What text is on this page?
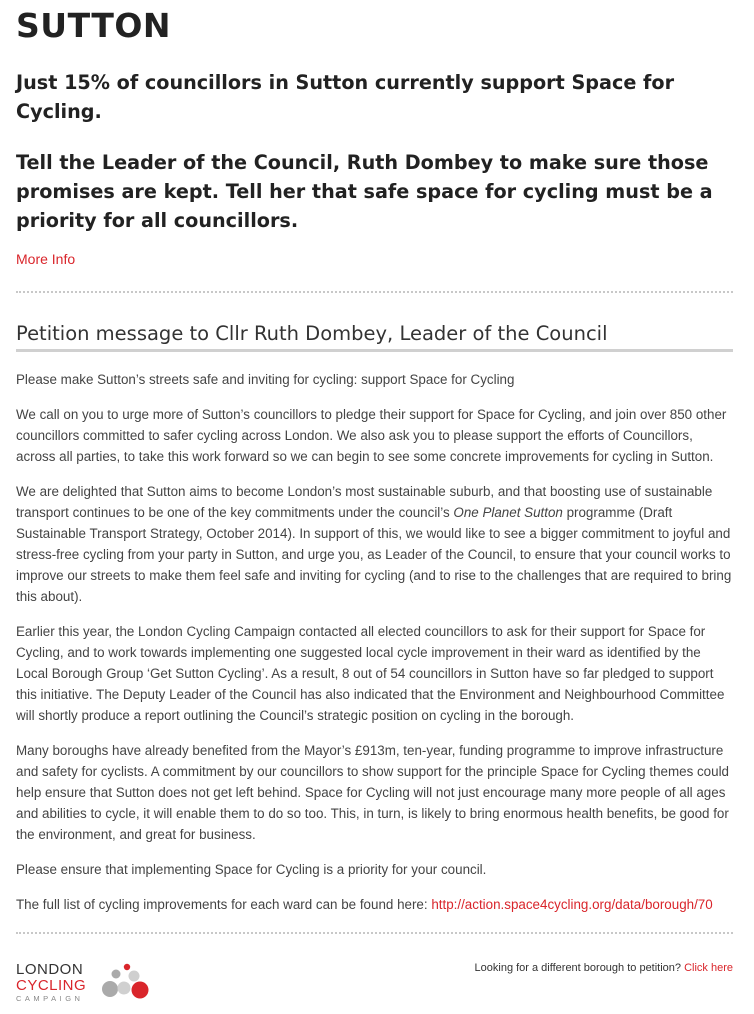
SUTTON

Just 15% of councillors in Sutton currently support Space for Cycling.

Tell the Leader of the Council, Ruth Dombey to make sure those promises are kept. Tell her that safe space for cycling must be a priority for all councillors.

More Info
Petition message to Cllr Ruth Dombey, Leader of the Council

Please make Sutton’s streets safe and inviting for cycling: support Space for Cycling

We call on you to urge more of Sutton’s councillors to pledge their support for Space for Cycling, and join over 850 other councillors committed to safer cycling across London. We also ask you to please support the efforts of Councillors, across all parties, to take this work forward so we can begin to see some concrete improvements for cycling in Sutton.

We are delighted that Sutton aims to become London’s most sustainable suburb, and that boosting use of sustainable transport continues to be one of the key commitments under the council’s One Planet Sutton programme (Draft Sustainable Transport Strategy, October 2014). In support of this, we would like to see a bigger commitment to joyful and stress-free cycling from your party in Sutton, and urge you, as Leader of the Council, to ensure that your council works to improve our streets to make them feel safe and inviting for cycling (and to rise to the challenges that are required to bring this about).

Earlier this year, the London Cycling Campaign contacted all elected councillors to ask for their support for Space for Cycling, and to work towards implementing one suggested local cycle improvement in their ward as identified by the Local Borough Group ‘Get Sutton Cycling’. As a result, 8 out of 54 councillors in Sutton have so far pledged to support this initiative. The Deputy Leader of the Council has also indicated that the Environment and Neighbourhood Committee will shortly produce a report outlining the Council’s strategic position on cycling in the borough.

Many boroughs have already benefited from the Mayor’s £913m, ten-year, funding programme to improve infrastructure and safety for cyclists. A commitment by our councillors to show support for the principle Space for Cycling themes could help ensure that Sutton does not get left behind. Space for Cycling will not just encourage many more people of all ages and abilities to cycle, it will enable them to do so too. This, in turn, is likely to bring enormous health benefits, be good for the environment, and great for business.

Please ensure that implementing Space for Cycling is a priority for your council.

The full list of cycling improvements for each ward can be found here: http://action.space4cycling.org/data/borough/70

LONDON
CYCLING
CAMPAIGN
Looking for a different borough to petition? Click here
